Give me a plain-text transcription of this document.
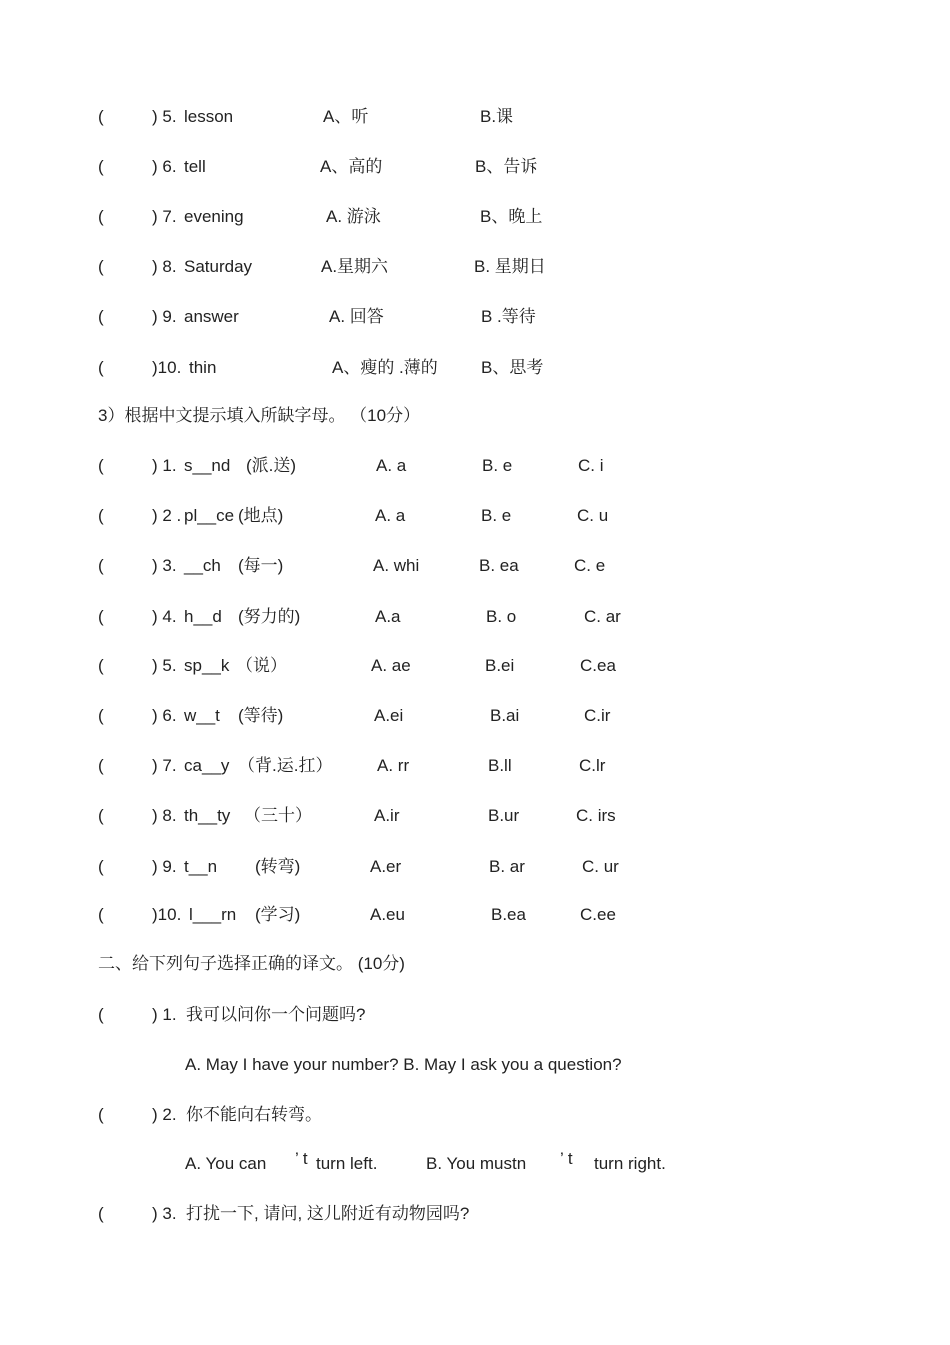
(	) 5. lesson	A、听	B.课
(	) 6. tell	A、高的	B、告诉
(	) 7. evening	A. 游泳	B、晚上
(	) 8. Saturday	A.星期六	B. 星期日
(	) 9. answer	A. 回答	B .等待
(	)10. thin	A、瘦的 .薄的	B、思考
3）根据中文提示填入所缺字母。 （10分）
(	) 1. s__nd (派.送)	A. a	B. e	C. i
(	) 2 . pl__ce (地点)	A. a	B. e	C. u
(	) 3. __ch (每一)	A. whi	B. ea	C. e
(	) 4. h__d (努力的)	A.a	B. o	C. ar
(	) 5. sp__k （说）	A. ae	B.ei	C.ea
(	) 6. w__t (等待)	A.ei	B.ai	C.ir
(	) 7. ca__y （背.运.扛）	A. rr	B.ll	C.lr
(	) 8. th__ty （三十）	A.ir	B.ur	C. irs
(	) 9. t__n (转弯)	A.er	B. ar	C. ur
(	)10. l___rn (学习)	A.eu	B.ea	C.ee
二、给下列句子选择正确的译文。 (10分)
(	) 1. 我可以问你一个问题吗?
A. May I have your number? B. May I ask you a question?
(	) 2. 你不能向右转弯。
A. You can ’ t turn left.	B. You mustn ’ t turn right.
(	) 3. 打扰一下, 请问, 这儿附近有动物园吗?
